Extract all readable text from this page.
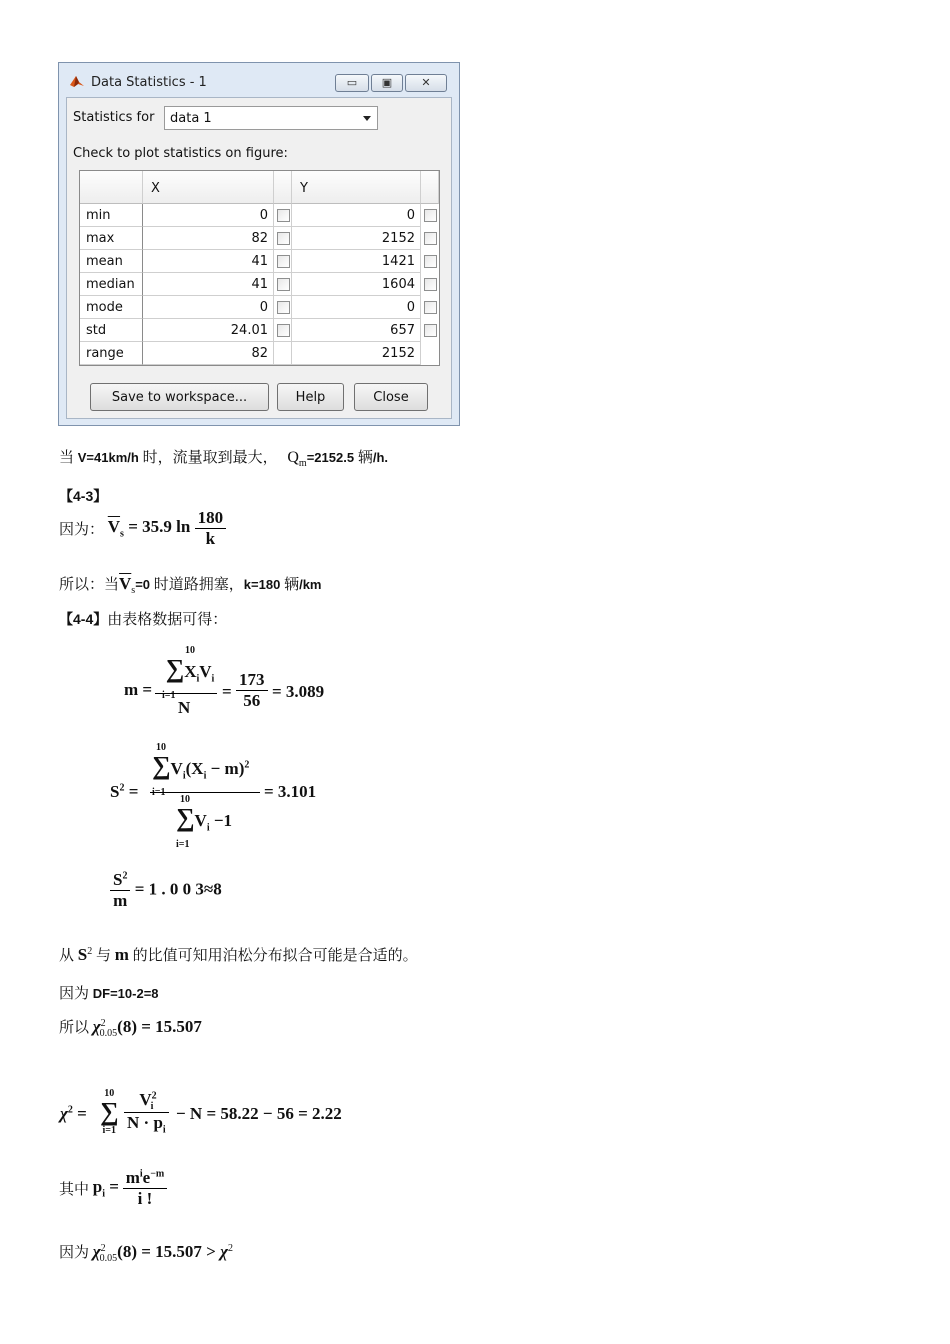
Data Statistics - 1	▭	▣	✕
Statistics for data 1
Check to plot statistics on figure:
X	Y
min	0	0
max	82	2152
mean	41	1421
median	41	1604
mode	0	0
std	24.01	657
range	82	2152
Save to workspace...	Help	Close
当 V=41km/h 时，流量取到最大， $Q_m=2152.5$ 辆/h.
【4-3】
因为： $\overline{V}_s = 35.9$ $\ln \frac{180}{k}$
所以：当$\overline{V}_s=0$ 时道路拥塞，k=180 辆/km
【4-4】由表格数据可得：
m =
10
$\sum X_iV_i$
i=1
N
= $\frac{173}{56} = 3.089$
$S^2$ =
10
$\sum V_i(X_i - m)^2$
i=1
10
$\sum V_i -1$
i=1
= 3.101
$\frac{S^2}{m} = 1$ . 0 0 3≈8
从 $S^2$ 与 m 的比值可知用泊松分布拟合可能是合适的。
因为 DF=10-2=8
所以 $\chi^2_{0.05}(8) = 15.507$
$\chi^2$ =
10
∑
$i=1 \frac{V^2_i}{N \cdot p_i} - N = 58.22 - 56 = 2.22$
其中 $p_i = \frac{m^ie^{-m}}{i !}$
因为 $\chi^2_{0.05}(8) = 15.507 > \chi^2$
